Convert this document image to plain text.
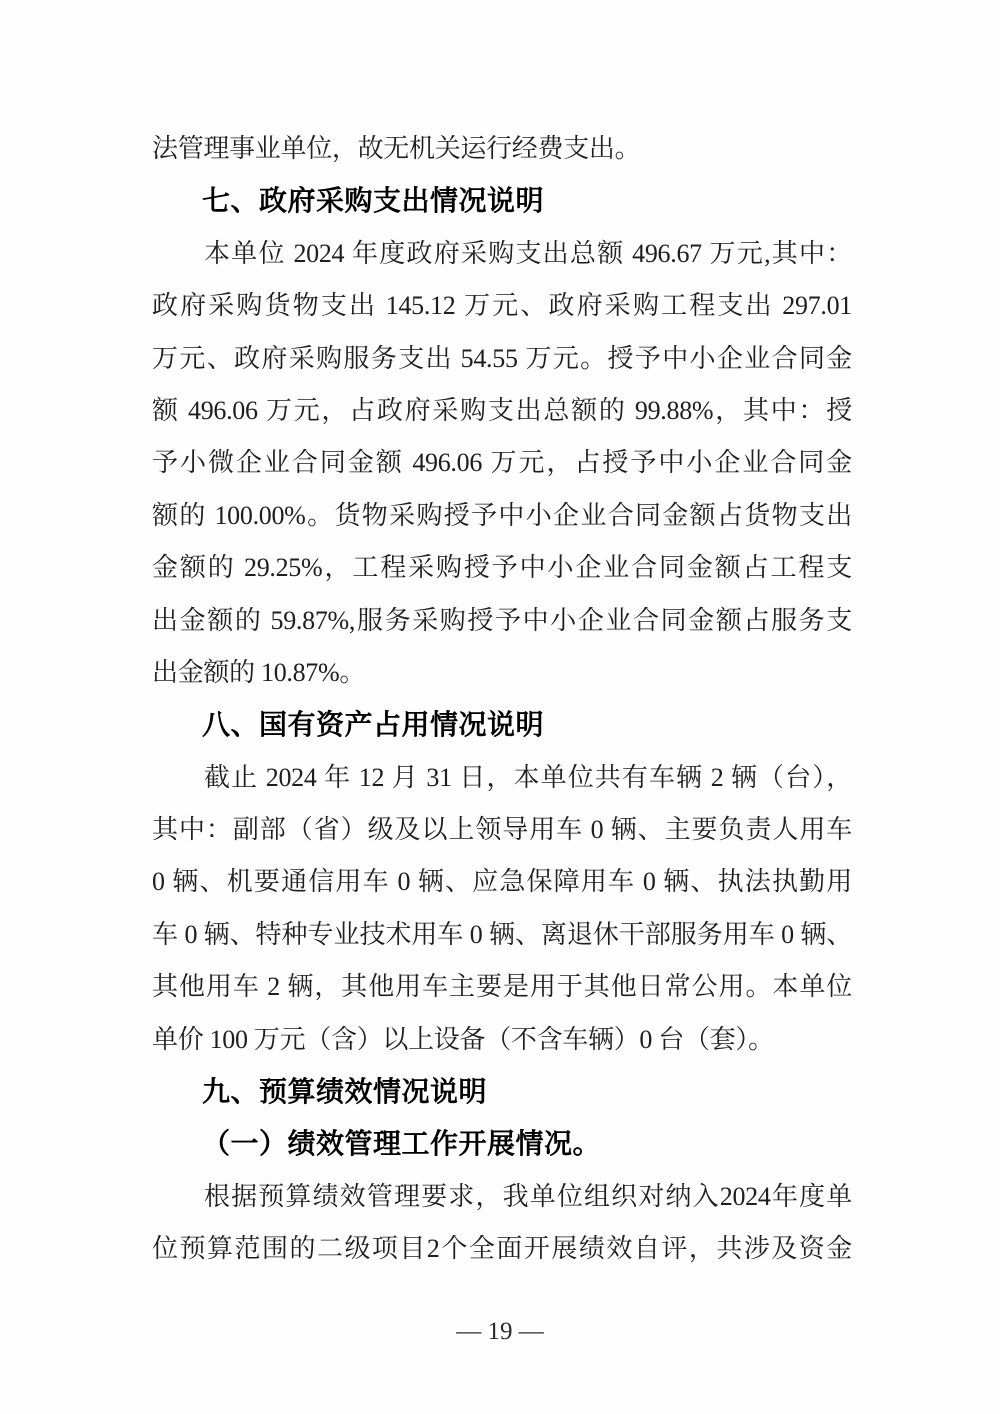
法管理事业单位，故无机关运行经费支出。
七、政府采购支出情况说明
本单位 2024 年度政府采购支出总额 496.67 万元,其中：
政府采购货物支出 145.12 万元、政府采购工程支出 297.01
万元、政府采购服务支出 54.55 万元。授予中小企业合同金
额 496.06 万元，占政府采购支出总额的 99.88%，其中：授
予小微企业合同金额 496.06 万元，占授予中小企业合同金
额的 100.00%。货物采购授予中小企业合同金额占货物支出
金额的 29.25%，工程采购授予中小企业合同金额占工程支
出金额的 59.87%,服务采购授予中小企业合同金额占服务支
出金额的 10.87%。
八、国有资产占用情况说明
截止 2024 年 12 月 31 日，本单位共有车辆 2 辆（台），
其中：副部（省）级及以上领导用车 0 辆、主要负责人用车
0 辆、机要通信用车 0 辆、应急保障用车 0 辆、执法执勤用
车 0 辆、特种专业技术用车 0 辆、离退休干部服务用车 0 辆、
其他用车 2 辆，其他用车主要是用于其他日常公用。本单位
单价 100 万元（含）以上设备（不含车辆）0 台（套）。
九、预算绩效情况说明
（一）绩效管理工作开展情况。
根据预算绩效管理要求，我单位组织对纳入2024年度单
位预算范围的二级项目2个全面开展绩效自评，共涉及资金
— 19 —
